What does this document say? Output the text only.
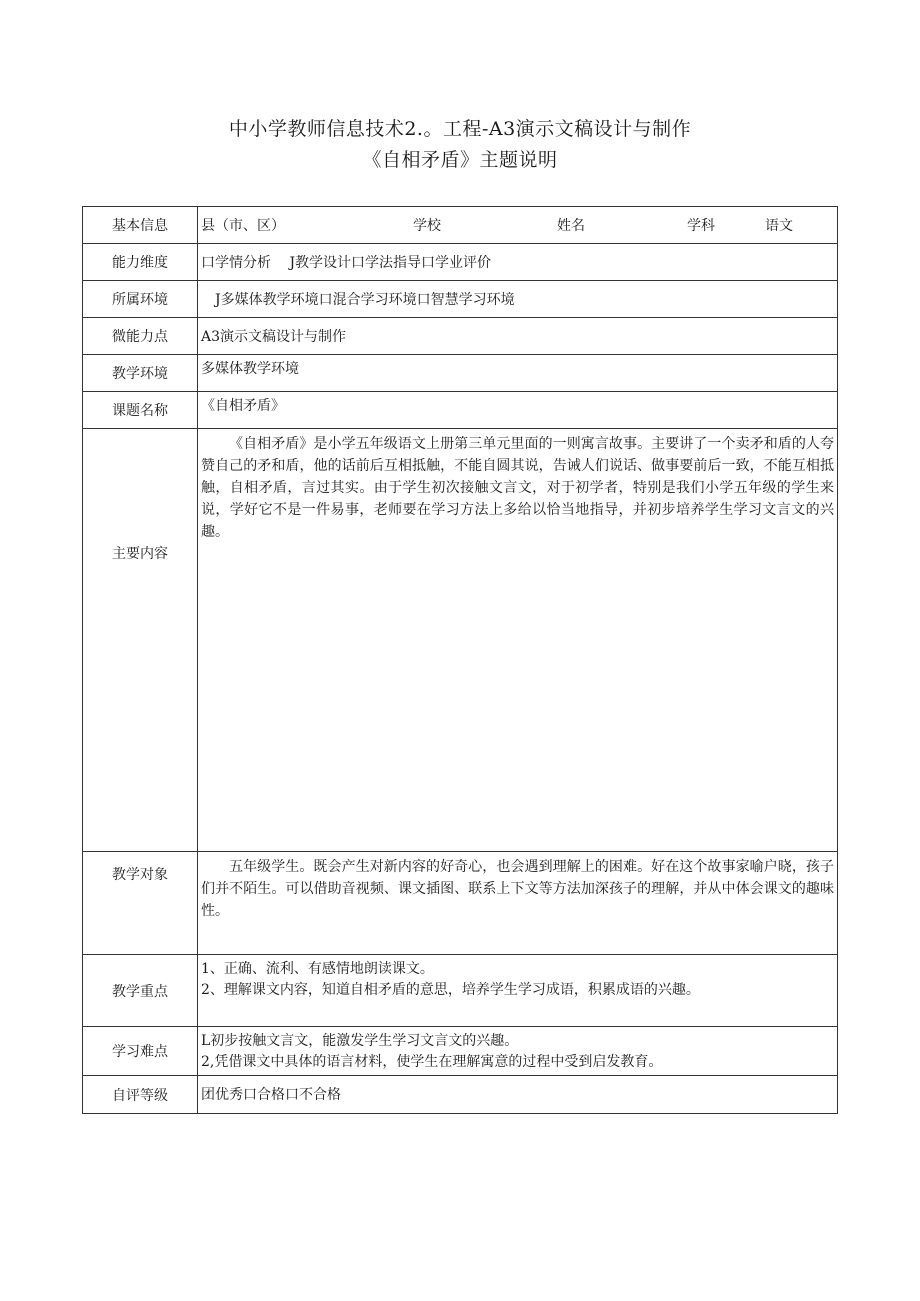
中小学教师信息技术2.。工程-A3演示文稿设计与制作
《自相矛盾》主题说明
基本信息	县（市、区） 学校 姓名 学科 语文
能力维度	口学情分析　 J教学设计口学法指导口学业评价
所属环境	　J多媒体教学环境口混合学习环境口智慧学习环境
微能力点	A3演示文稿设计与制作
教学环境	多媒体教学环境
课题名称	《自相矛盾》
主要内容	《自相矛盾》是小学五年级语文上册第三单元里面的一则寓言故事。主要讲了一个卖矛和盾的人夸赞自己的矛和盾，他的话前后互相抵触，不能自圆其说，告诫人们说话、做事要前后一致，不能互相抵触，自相矛盾，言过其实。由于学生初次接触文言文，对于初学者，特别是我们小学五年级的学生来说，学好它不是一件易事，老师要在学习方法上多给以恰当地指导，并初步培养学生学习文言文的兴趣。

教学对象	五年级学生。既会产生对新内容的好奇心，也会遇到理解上的困难。好在这个故事家喻户晓，孩子们并不陌生。可以借助音视频、课文插图、联系上下文等方法加深孩子的理解，并从中体会课文的趣味性。

教学重点	1、正确、流利、有感情地朗读课文。
2、理解课文内容，知道自相矛盾的意思，培养学生学习成语，积累成语的兴趣。

学习难点	L初步按触文言文，能激发学生学习文言文的兴趣。
2,凭借课文中具体的语言材料，使学生在理解寓意的过程中受到启发教育。

自评等级	团优秀口合格口不合格
